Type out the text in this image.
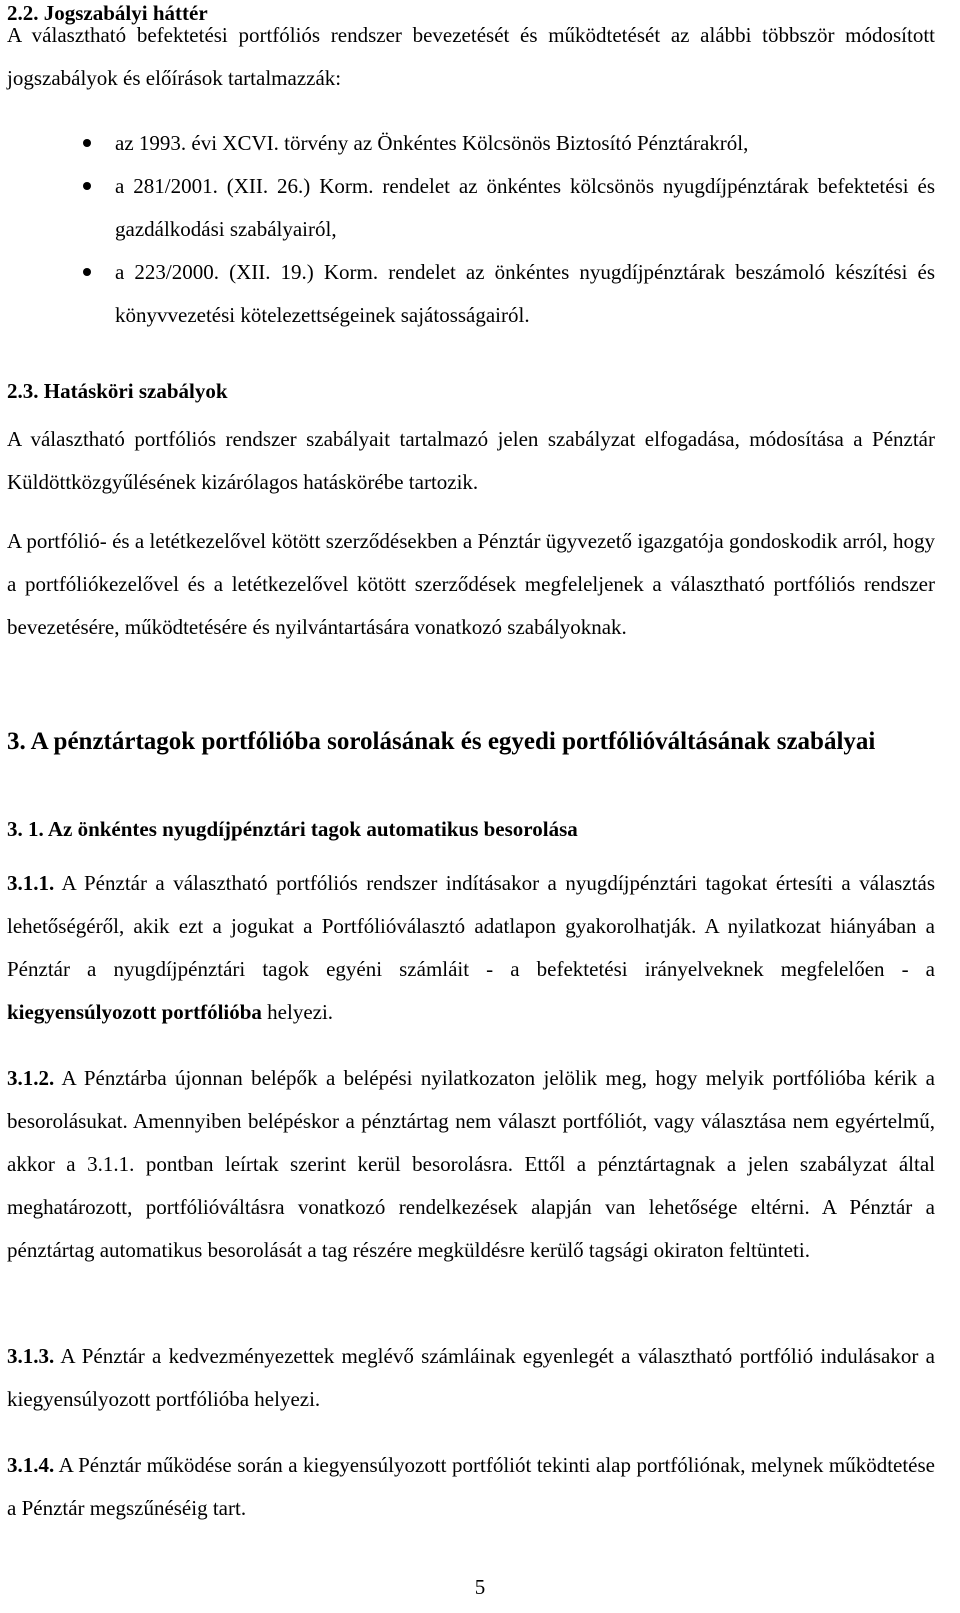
2.2. Jogszabályi háttér

A választható befektetési portfóliós rendszer bevezetését és működtetését az alábbi többször módosított jogszabályok és előírások tartalmazzák:

az 1993. évi XCVI. törvény az Önkéntes Kölcsönös Biztosító Pénztárakról,
a 281/2001. (XII. 26.) Korm. rendelet az önkéntes kölcsönös nyugdíjpénztárak befektetési és gazdálkodási szabályairól,
a 223/2000. (XII. 19.) Korm. rendelet az önkéntes nyugdíjpénztárak beszámoló készítési és könyvvezetési kötelezettségeinek sajátosságairól.
2.3. Hatásköri szabályok

A választható portfóliós rendszer szabályait tartalmazó jelen szabályzat elfogadása, módosítása a Pénztár Küldöttközgyűlésének kizárólagos hatáskörébe tartozik.

A portfólió- és a letétkezelővel kötött szerződésekben a Pénztár ügyvezető igazgatója gondoskodik arról, hogy a portfóliókezelővel és a letétkezelővel kötött szerződések megfeleljenek a választható portfóliós rendszer bevezetésére, működtetésére és nyilvántartására vonatkozó szabályoknak.

3. A pénztártagok portfólióba sorolásának és egyedi portfólióváltásának szabályai
3. 1. Az önkéntes nyugdíjpénztári tagok automatikus besorolása

3.1.1. A Pénztár a választható portfóliós rendszer indításakor a nyugdíjpénztári tagokat értesíti a választás lehetőségéről, akik ezt a jogukat a Portfólióválasztó adatlapon gyakorolhatják. A nyilatkozat hiányában a Pénztár a nyugdíjpénztári tagok egyéni számláit - a befektetési irányelveknek megfelelően - a kiegyensúlyozott portfólióba helyezi.

3.1.2. A Pénztárba újonnan belépők a belépési nyilatkozaton jelölik meg, hogy melyik portfólióba kérik a besorolásukat. Amennyiben belépéskor a pénztártag nem választ portfóliót, vagy választása nem egyértelmű, akkor a 3.1.1. pontban leírtak szerint kerül besorolásra. Ettől a pénztártagnak a jelen szabályzat által meghatározott, portfólióváltásra vonatkozó rendelkezések alapján van lehetősége eltérni. A Pénztár a pénztártag automatikus besorolását a tag részére megküldésre kerülő tagsági okiraton feltünteti.

3.1.3. A Pénztár a kedvezményezettek meglévő számláinak egyenlegét a választható portfólió indulásakor a kiegyensúlyozott portfólióba helyezi.

3.1.4. A Pénztár működése során a kiegyensúlyozott portfóliót tekinti alap portfóliónak, melynek működtetése a Pénztár megszűnéséig tart.

5
